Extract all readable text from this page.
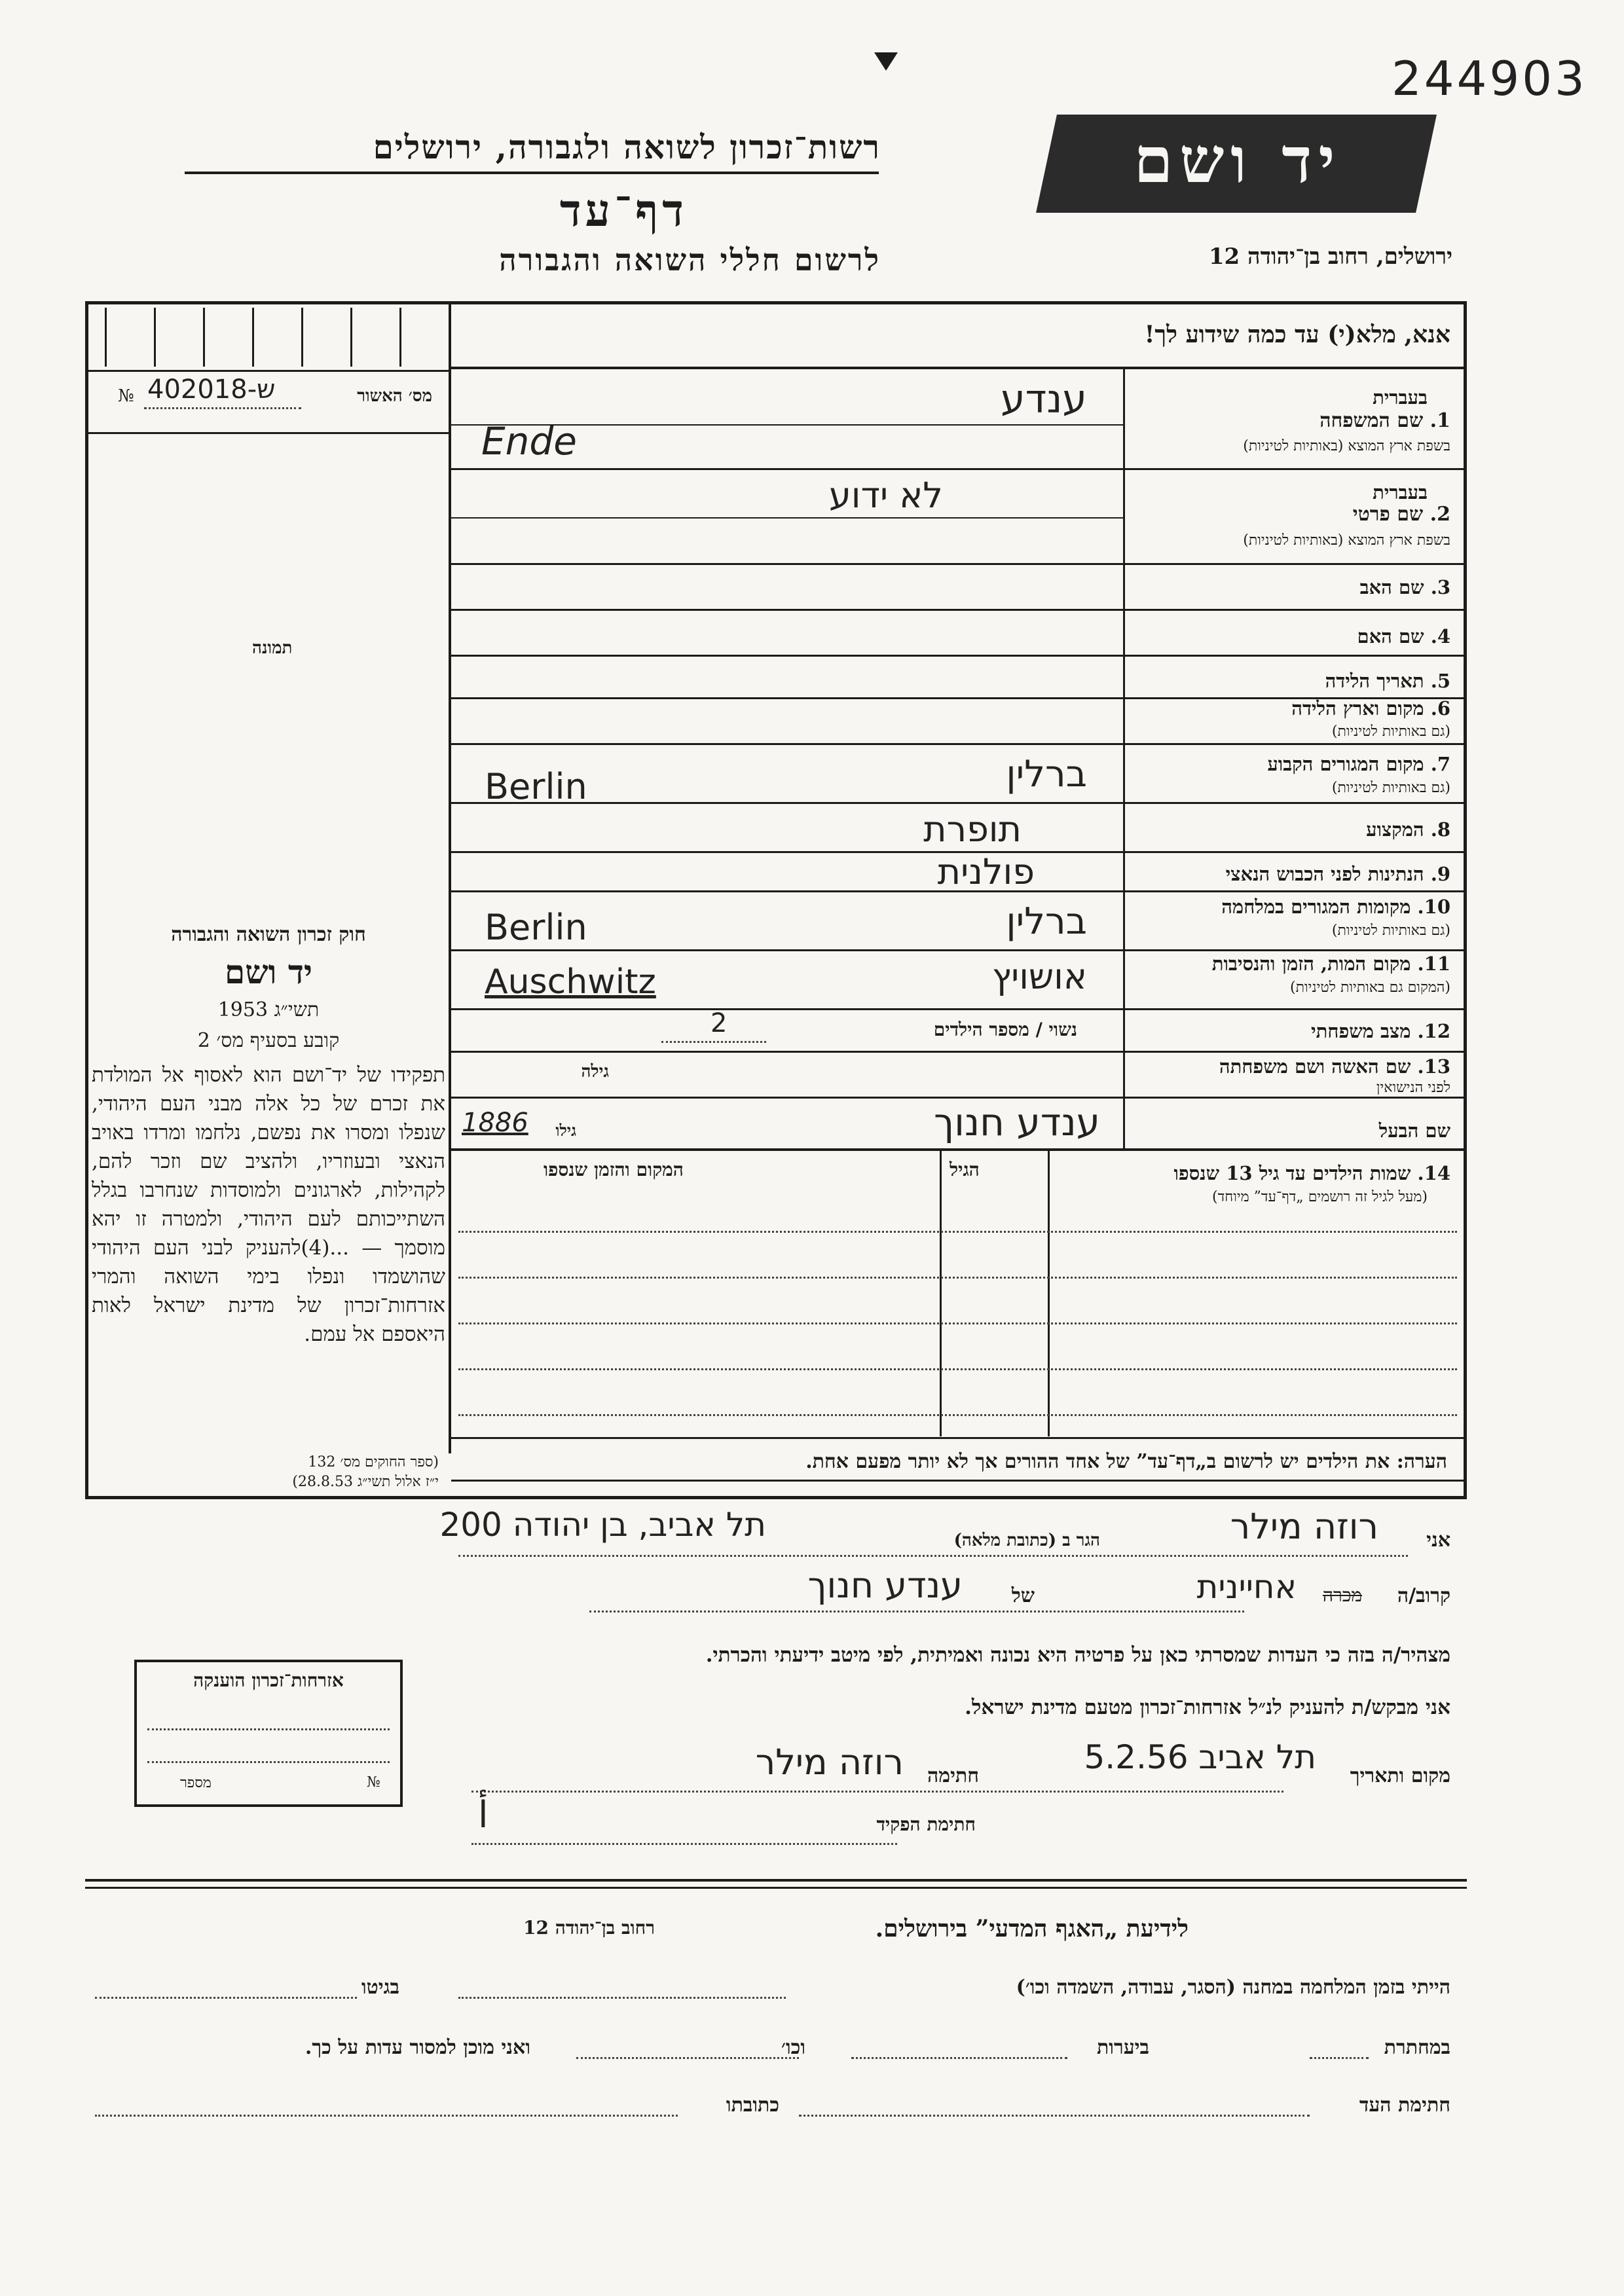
244903
רשות־זכרון לשואה ולגבורה, ירושלים
דף־עד
לרשום חללי השואה והגבורה
יד ושם
ירושלים, רחוב בן־יהודה 12
אנא, מלא(י) עד כמה שידוע לך!
מס׳ האשור
№ 402018-ש
תמונה
בעברית
1. שם המשפחה
בשפת ארץ המוצא (באותיות לטיניות)
ענדע
Ende
בעברית
2. שם פרטי
בשפת ארץ המוצא (באותיות לטיניות)
לא ידוע
3. שם האב
4. שם האם
5. תאריך הלידה
6. מקום וארץ הלידה
(גם באותיות לטיניות)
7. מקום המגורים הקבוע
(גם באותיות לטיניות)
ברלין
Berlin
8. המקצוע
תופרת
9. הנתינות לפני הכבוש הנאצי
פולנית
10. מקומות המגורים במלחמה
(גם באותיות לטיניות)
ברלין
Berlin
11. מקום המות, הזמן והנסיבות
(המקום גם באותיות לטיניות)
אושויץ
Auschwitz
12. מצב משפחתי
נשוי / מספר הילדים
2
13. שם האשה ושם משפחתה
לפני הנישואין
גילה
שם הבעל
ענדע חנוך
גילו
1886
14. שמות הילדים עד גיל 13 שנספו
(מעל לגיל זה רושמים „דף־עד” מיוחד)
הגיל
המקום והזמן שנספו
הערה: את הילדים יש לרשום ב„דף־עד” של אחד ההורים אך לא יותר מפעם אחת.
חוק זכרון השואה והגבורה
יד ושם
תשי״ג 1953
קובע בסעיף מס׳ 2
תפקידו של יד־ושם הוא לאסוף אל המולדת את זכרם של כל אלה מבני העם היהודי, שנפלו ומסרו את נפשם, נלחמו ומרדו באויב הנאצי ובעוזריו, ולהציב שם וזכר להם, לקהילות, לארגונים ולמוסדות שנחרבו בגלל השתייכותם לעם היהודי, ולמטרה זו יהא מוסמך — ...(4)להעניק לבני העם היהודי שהושמדו ונפלו בימי השואה והמרי אזרחות־זכרון של מדינת ישראל לאות היאספם אל עמם.
(ספר החוקים מס׳ 132
י״ז אלול תשי״ג 28.8.53)
אני
רוזה מילר
הגר ב (כתובת מלאה)
תל אביב, בן יהודה 200
קרוב/ה
מכרה
אחיינית
של
ענדע חנוך
מצהיר/ה בזה כי העדות שמסרתי כאן על פרטיה היא נכונה ואמיתית, לפי מיטב ידיעתי והכרתי.
אני מבקש/ת להעניק לנ״ל אזרחות־זכרון מטעם מדינת ישראל.
מקום ותאריך
תל אביב 5.2.56
חתימה
רוזה מילר
חתימת הפקיד
ﺃ
אזרחות־זכרון הוענקה
מספר	№
לידיעת „האגף המדעי” בירושלים.
רחוב בן־יהודה 12
הייתי בזמן המלחמה במחנה (הסגר, עבודה, השמדה וכו׳)
בגיטו
במחתרת
ביערות
וכו׳
ואני מוכן למסור עדות על כך.
חתימת העד
כתובתו
